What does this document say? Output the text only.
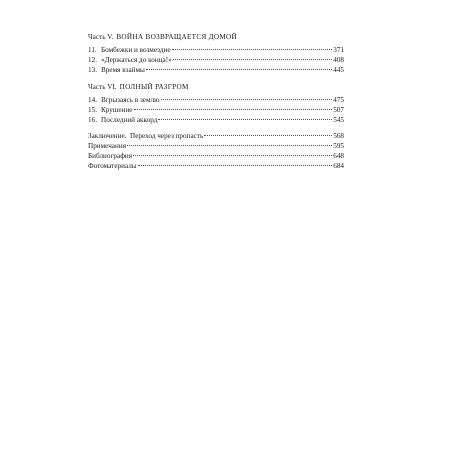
Часть V. ВОЙНА ВОЗВРАЩАЕТСЯ ДОМОЙ
11. Бомбежки и возмездие	371
12. «Держаться до конца!»	408
13. Время взаймы	445
Часть VI. ПОЛНЫЙ РАЗГРОМ
14. Вгрызаясь в землю	475
15. Крушение	507
16. Последний аккорд	545
Заключение.  Переход через пропасть	568
Примечания	595
Библиография	648
Фотоматериалы	684
